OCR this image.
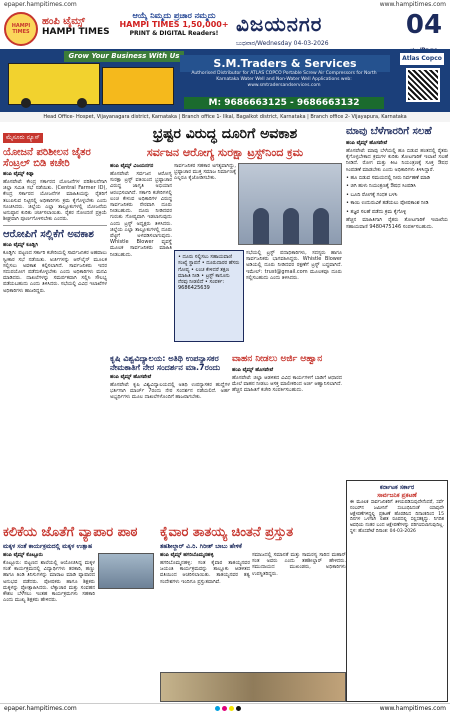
epaper.hampitimes.com	www.hampitimes.com
HAMPI TIMES
ಹಂಪಿ ಟೈಮ್ಸ್
HAMPI TIMES
ಆಯ್ಕೆ ನಿಮ್ಮದು ಪ್ರಚಾರ ನಮ್ಮದು
HAMPI TIMES 1,50,000+
PRINT & DIGITAL Readers! ವಿಜಯನಗರ
ಬುಧವಾರ/Wednesday 04-03-2026
04
Grow Your Business With Us
S.M.Traders & Services
Authorised Distributor for ATLAS COPCO Portable Screw Air Compressors for North Karnataka Water Well and Non-Water Well Applications web: www.smtradersandservices.com
M: 9686663125 - 9686663132
Atlas Copco
Head Office- Hospet, Vijayanagara district, Karnataka | Branch office 1- Ilkal, Bagalkot district, Karnataka | Branch office 2- Vijayapura, Karnataka
ಮೈಸೂರು ನ್ಯೂಸ್
ಯೋಜನೆ ಪರಿಶೀಲನ ಜೈತರ ಸೆಂಟ್ರಲ್ ಬಿಡಿ ಕಚೇರಿ
ಹಂಪಿ ಟೈಮ್ಸ್ ಕಿಡ್ನಾ
ಹೊಸಪೇಟೆ: ಕೇಂದ್ರ ಸರ್ಕಾರದ ಯೋಜನೆಗಳ ಪರಿಶೀಲನೆಗಾಗಿ ಜಿಲ್ಲಾ ಸಮಿತಿ ಸಭೆ ನಡೆಯಿತು. (Central Farmer ID), ಕೇಂದ್ರ ಸರ್ಕಾರದ ಯೋಜನೆಗಳ ಮಾಹಿತಿಯನ್ನು ರೈತರಿಗೆ ತಲುಪಿಸುವ ನಿಟ್ಟಿನಲ್ಲಿ ಅಧಿಕಾರಿಗಳು ಕ್ರಮ ಕೈಗೊಳ್ಳಬೇಕು ಎಂದು ಸೂಚಿಸಿದರು. ಜಿಲ್ಲೆಯ ಎಲ್ಲಾ ತಾಲ್ಲೂಕುಗಳಲ್ಲಿ ಯೋಜನೆಯ ಅನುಷ್ಠಾನ ಕುರಿತು ಚರ್ಚಿಸಲಾಯಿತು. ರೈತರ ನೋಂದಣಿ ಪ್ರಕ್ರಿಯೆ ಶೀಘ್ರವಾಗಿ ಪೂರ್ಣಗೊಳಿಸಬೇಕು ಎಂದರು.
ಆರೋಪಿಗೆ ಸಲ್ಲಿಕೆಗೆ ಅವಕಾಶ
ಹಂಪಿ ಟೈಮ್ಸ್ ಕೂಡ್ಲಿಗಿ
ಕೂಡ್ಲಿಗಿ: ಪಟ್ಟಣದ ಸರ್ಕಾರಿ ಕಚೇರಿಯಲ್ಲಿ ಸಾರ್ವಜನಿಕರ ಅಹವಾಲು ಸ್ವೀಕಾರ ಸಭೆ ನಡೆಯಿತು. ಅರ್ಜಿಗಳನ್ನು ಆನ್‌ಲೈನ್ ಮೂಲಕ ಸಲ್ಲಿಸಲು ಅವಕಾಶ ಕಲ್ಪಿಸಲಾಗಿದೆ. ಸಾರ್ವಜನಿಕರು ಇದರ ಸದುಪಯೋಗ ಪಡೆದುಕೊಳ್ಳಬೇಕು ಎಂದು ಅಧಿಕಾರಿಗಳು ಮನವಿ ಮಾಡಿದರು. ದಾಖಲೆಗಳನ್ನು ಸಮರ್ಪಕವಾಗಿ ಸಲ್ಲಿಸಿ ಸೌಲಭ್ಯ ಪಡೆಯಬಹುದು ಎಂದು ತಿಳಿಸಿದರು. ಸಭೆಯಲ್ಲಿ ವಿವಿಧ ಇಲಾಖೆಗಳ ಅಧಿಕಾರಿಗಳು ಹಾಜರಿದ್ದರು.
ಭ್ರಷ್ಟರ ವಿರುದ್ಧ ದೂರಿಗೆ ಅವಕಾಶ
ಸರ್ವಜನ ಆರೋಗ್ಯ ಸುರಕ್ಷಾ ಟ್ರಸ್ಟ್‌ನಿಂದ ಕ್ರಮ
ಹಂಪಿ ಟೈಮ್ಸ್ ವಿಜಯನಗರ
ಹೊಸಪೇಟೆ: ಸರ್ವಜನ ಆರೋಗ್ಯ ಸುರಕ್ಷಾ ಟ್ರಸ್ಟ್ ವತಿಯಿಂದ ಭ್ರಷ್ಟಾಚಾರ ವಿರುದ್ಧ ಜಾಗೃತಿ ಅಭಿಯಾನ ಆರಂಭಿಸಲಾಗಿದೆ. ಸರ್ಕಾರಿ ಕಚೇರಿಗಳಲ್ಲಿ ಲಂಚ ಕೇಳುವ ಅಧಿಕಾರಿಗಳ ವಿರುದ್ಧ ಸಾರ್ವಜನಿಕರು ನೇರವಾಗಿ ದೂರು ನೀಡಬಹುದು. ದೂರು ನೀಡಿದವರ ಗುರುತು ಗೋಪ್ಯವಾಗಿ ಇಡಲಾಗುವುದು ಎಂದು ಟ್ರಸ್ಟ್ ಅಧ್ಯಕ್ಷರು ತಿಳಿಸಿದರು. ಜಿಲ್ಲೆಯ ಎಲ್ಲಾ ತಾಲ್ಲೂಕುಗಳಲ್ಲಿ ದೂರು ಪೆಟ್ಟಿಗೆ ಅಳವಡಿಸಲಾಗುವುದು. Whistle Blower ವ್ಯವಸ್ಥೆ ಮೂಲಕ ಸಾರ್ವಜನಿಕರು ಮಾಹಿತಿ ನೀಡಬಹುದು.
ಸಾರ್ವಜನಿಕರ ಸಹಕಾರ ಅಗತ್ಯವಾಗಿದ್ದು, ಭ್ರಷ್ಟಾಚಾರ ಮುಕ್ತ ಸಮಾಜ ನಿರ್ಮಾಣಕ್ಕೆ ಎಲ್ಲರೂ ಕೈಜೋಡಿಸಬೇಕು.
• ದೂರು ಸಲ್ಲಿಸಲು ಸಹಾಯವಾಣಿ ಸಂಖ್ಯೆ ಸ್ಥಾಪನೆ • ದೂರುದಾರರ ಹೆಸರು ಗೋಪ್ಯ • ಲಂಚ ಕೇಳಿದರೆ ತಕ್ಷಣ ಮಾಹಿತಿ ನೀಡಿ • ಟ್ರಸ್ಟ್ ಕಾನೂನು ನೆರವು ನೀಡಲಿದೆ • ಸಂಪರ್ಕ: 9686425639
ಸಭೆಯಲ್ಲಿ ಟ್ರಸ್ಟ್ ಪದಾಧಿಕಾರಿಗಳು, ಸದಸ್ಯರು ಹಾಗೂ ಸಾರ್ವಜನಿಕರು ಭಾಗವಹಿಸಿದ್ದರು. Whistle Blower ಅಡಿಯಲ್ಲಿ ದೂರು ನೀಡಿದವರ ರಕ್ಷಣೆಗೆ ಟ್ರಸ್ಟ್ ಬದ್ಧವಾಗಿದೆ. ಇಮೇಲ್: trust@gmail.com ಮೂಲಕವೂ ದೂರು ಸಲ್ಲಿಸಬಹುದು ಎಂದು ತಿಳಿಸಿದರು.
ಕೃಷಿ ವಿಶ್ವವಿದ್ಯಾಲಯ: ಅತಿಥಿ ಉಪನ್ಯಾಸಕರ ನೇಮಕಾತಿಗೆ ನೇರ ಸಂದರ್ಶನ ಮಾ.7ರಂದು
ಹಂಪಿ ಟೈಮ್ಸ್ ಹೊಸಪೇಟೆ
ಹೊಸಪೇಟೆ: ಕೃಷಿ ವಿಶ್ವವಿದ್ಯಾಲಯದಲ್ಲಿ ಅತಿಥಿ ಉಪನ್ಯಾಸಕರ ಹುದ್ದೆಗಳ ಭರ್ತಿಗಾಗಿ ಮಾರ್ಚ್ 7ರಂದು ನೇರ ಸಂದರ್ಶನ ನಡೆಯಲಿದೆ. ಅರ್ಹ ಅಭ್ಯರ್ಥಿಗಳು ಮೂಲ ದಾಖಲೆಗಳೊಂದಿಗೆ ಹಾಜರಾಗಬೇಕು.
ವಾಹನ ನೀಡಲು ಅರ್ಜಿ ಆಹ್ವಾನ
ಹಂಪಿ ಟೈಮ್ಸ್ ಹೊಸಪೇಟೆ
ಹೊಸಪೇಟೆ: ಜಿಲ್ಲಾ ಆಡಳಿತದ ವಿವಿಧ ಕಾರ್ಯಗಳಿಗೆ ಬಾಡಿಗೆ ಆಧಾರದ ಮೇಲೆ ವಾಹನ ನೀಡಲು ಆಸಕ್ತ ಮಾಲೀಕರಿಂದ ಅರ್ಜಿ ಆಹ್ವಾನಿಸಲಾಗಿದೆ. ಹೆಚ್ಚಿನ ಮಾಹಿತಿಗೆ ಕಚೇರಿ ಸಂಪರ್ಕಿಸಬಹುದು.
ಮಾವು ಬೆಳೆಗಾರರಿಗೆ ಸಲಹೆ
ಹಂಪಿ ಟೈಮ್ಸ್ ಹೊಸಪೇಟೆ
ಹೊಸಪೇಟೆ: ಮಾವು ಬೆಳೆಯಲ್ಲಿ ಹೂ ಬಿಡುವ ಹಂತದಲ್ಲಿ ರೈತರು ಕೈಗೊಳ್ಳಬೇಕಾದ ಕ್ರಮಗಳ ಕುರಿತು ತೋಟಗಾರಿಕೆ ಇಲಾಖೆ ಸಲಹೆ ನೀಡಿದೆ. ರೋಗ ಮತ್ತು ಕೀಟ ನಿಯಂತ್ರಣಕ್ಕೆ ಸೂಕ್ತ ಔಷಧ ಸಿಂಪಡಣೆ ಮಾಡಬೇಕು ಎಂದು ಅಧಿಕಾರಿಗಳು ತಿಳಿಸಿದ್ದಾರೆ.
• ಹೂ ಬಿಡುವ ಸಮಯದಲ್ಲಿ ನೀರು ನಿರ್ವಹಣೆ ಮಾಡಿ
• ಜಿಗಿ ಹುಳು ನಿಯಂತ್ರಣಕ್ಕೆ ಔಷಧ ಸಿಂಪಡಿಸಿ
• ಬೂದಿ ರೋಗಕ್ಕೆ ಗಂಧಕ ಬಳಸಿ
• ಕಾಯಿ ಉದುರುವಿಕೆ ತಡೆಯಲು ಪೋಷಕಾಂಶ ನೀಡಿ
• ತಜ್ಞರ ಸಲಹೆ ಪಡೆದು ಕ್ರಮ ಕೈಗೊಳ್ಳಿ
ಹೆಚ್ಚಿನ ಮಾಹಿತಿಗಾಗಿ ರೈತರು ತೋಟಗಾರಿಕೆ ಇಲಾಖೆಯ ಸಹಾಯವಾಣಿ 9480475146 ಸಂಪರ್ಕಿಸಬಹುದು.
ಕಲಿಕೆಯ ಜೊತೆಗೆ ವ್ಯಾಪಾರ ಪಾಠ
ಮಕ್ಕಳ ಸಂತೆ ಕಾರ್ಯಕ್ರಮದಲ್ಲಿ ಮಕ್ಕಳ ಉತ್ಸಾಹ
ಹಂಪಿ ಟೈಮ್ಸ್ ಕೊಟ್ಟೂರು
ಕೊಟ್ಟೂರು: ಪಟ್ಟಣದ ಶಾಲೆಯಲ್ಲಿ ಆಯೋಜಿಸಿದ್ದ ಮಕ್ಕಳ ಸಂತೆ ಕಾರ್ಯಕ್ರಮದಲ್ಲಿ ವಿದ್ಯಾರ್ಥಿಗಳು ತರಕಾರಿ, ಹಣ್ಣು ಹಾಗೂ ತಿಂಡಿ ತಿನಿಸುಗಳನ್ನು ಮಾರಾಟ ಮಾಡಿ ವ್ಯಾಪಾರದ ಅನುಭವ ಪಡೆದರು. ಪೋಷಕರು ಹಾಗೂ ಶಿಕ್ಷಕರು ಮಕ್ಕಳನ್ನು ಪ್ರೋತ್ಸಾಹಿಸಿದರು. ಲೆಕ್ಕಾಚಾರ ಮತ್ತು ಸಂವಹನ ಕೌಶಲ ಬೆಳೆಸಲು ಇಂತಹ ಕಾರ್ಯಕ್ರಮಗಳು ಸಹಕಾರಿ ಎಂದು ಮುಖ್ಯ ಶಿಕ್ಷಕರು ಹೇಳಿದರು.
ಕೈವಾರ ತಾತಯ್ಯ ಚಿಂತನೆ ಪ್ರಸ್ತುತ
ತಹಶೀಲ್ದಾರ್ ವಿ.ರಿ. ಗಿರೀಶ್ ಬಾಬು ಹೇಳಿಕೆ
ಹಂಪಿ ಟೈಮ್ಸ್ ಹಗರಿಬೊಮ್ಮನಹಳ್ಳಿ
ಹಗರಿಬೊಮ್ಮನಹಳ್ಳಿ: ಸಂತ ಕೈವಾರ ತಾತಯ್ಯನವರ ಜಯಂತಿ ಕಾರ್ಯಕ್ರಮವನ್ನು ತಾಲ್ಲೂಕು ಆಡಳಿತದ ವತಿಯಿಂದ ಆಚರಿಸಲಾಯಿತು. ತಾತಯ್ಯನವರ ತತ್ವ ಸಂದೇಶಗಳು ಇಂದಿಗೂ ಪ್ರಸ್ತುತವಾಗಿವೆ.
ಸಮಾಜದಲ್ಲಿ ಸಮಾನತೆ ಮತ್ತು ಸಾಮರಸ್ಯ ಸಾರಿದ ಮಹಾನ್ ಸಂತ ಅವರು ಎಂದು ತಹಶೀಲ್ದಾರ್ ಹೇಳಿದರು. ಸಮುದಾಯದ ಮುಖಂಡರು, ಅಧಿಕಾರಿಗಳು ಉಪಸ್ಥಿತರಿದ್ದರು.
ಕರ್ನಾಟಕ ಸರ್ಕಾರ
ಸಾರ್ವಜನಿಕ ಪ್ರಕಟಣೆ
ಈ ಮೂಲಕ ಸಾರ್ವಜನಿಕರಿಗೆ ತಿಳಿಯಪಡಿಸುವುದೇನೆಂದರೆ, ಸರ್ವೆ ನಂಬರ್‌ನ ಜಮೀನಿಗೆ ಸಂಬಂಧಿಸಿದಂತೆ ಯಾವುದೇ ಆಕ್ಷೇಪಣೆಗಳಿದ್ದಲ್ಲಿ ಪ್ರಕಟಣೆ ಹೊರಡಿಸಿದ ದಿನಾಂಕದಿಂದ 15 ದಿನಗಳ ಒಳಗಾಗಿ ಲಿಖಿತ ರೂಪದಲ್ಲಿ ಸಲ್ಲಿಸತಕ್ಕದ್ದು. ನಿಗದಿತ ಅವಧಿಯ ನಂತರ ಬಂದ ಆಕ್ಷೇಪಣೆಗಳನ್ನು ಪರಿಗಣಿಸಲಾಗುವುದಿಲ್ಲ. ಸ್ಥಳ: ಹೊಸಪೇಟೆ ದಿನಾಂಕ: 04-03-2026
epaper.hampitimes.com	www.hampitimes.com
